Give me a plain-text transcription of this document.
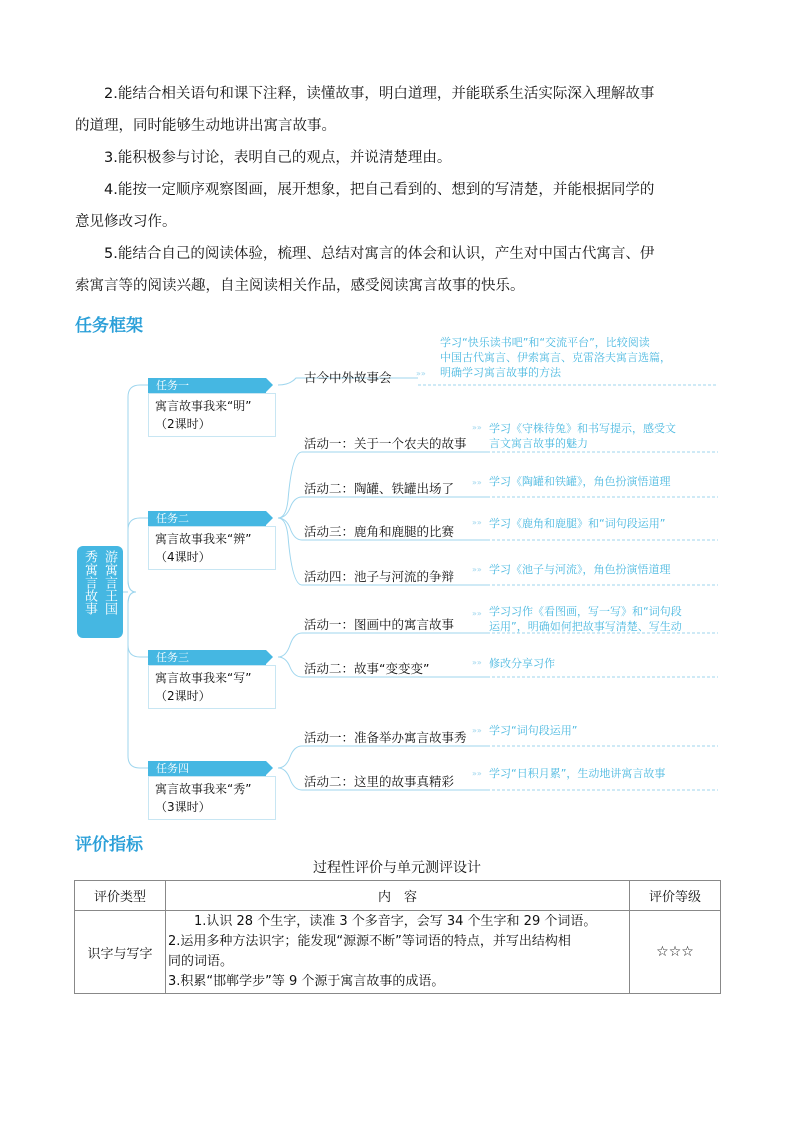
2.能结合相关语句和课下注释，读懂故事，明白道理，并能联系生活实际深入理解故事
的道理，同时能够生动地讲出寓言故事。
3.能积极参与讨论，表明自己的观点，并说清楚理由。
4.能按一定顺序观察图画，展开想象，把自己看到的、想到的写清楚，并能根据同学的
意见修改习作。
5.能结合自己的阅读体验，梳理、总结对寓言的体会和认识，产生对中国古代寓言、伊
索寓言等的阅读兴趣，自主阅读相关作品，感受阅读寓言故事的快乐。
任务框架
»»
»»
»»
»»
»»
»»
»»
»»
»»
游寓言王国
秀寓言故事
任务一
寓言故事我来“明”
（2课时）
古今中外故事会
学习“快乐读书吧”和“交流平台”，比较阅读
中国古代寓言、伊索寓言、克雷洛夫寓言选篇，
明确学习寓言故事的方法
任务二
寓言故事我来“辨”
（4课时）
活动一：关于一个农夫的故事
学习《守株待兔》和书写提示，感受文
言文寓言故事的魅力
活动二：陶罐、铁罐出场了	学习《陶罐和铁罐》，角色扮演悟道理
活动三：鹿角和鹿腿的比赛
学习《鹿角和鹿腿》和“词句段运用”
活动四：池子与河流的争辩	学习《池子与河流》，角色扮演悟道理
任务三
寓言故事我来“写”
（2课时）
活动一：图画中的寓言故事
学习习作《看图画，写一写》和“词句段
运用”，明确如何把故事写清楚、写生动
活动二：故事“变变变”	修改分享习作
任务四
寓言故事我来“秀”
（3课时）
活动一：准备举办寓言故事秀 学习“词句段运用”
活动二：这里的故事真精彩
学习“日积月累”，生动地讲寓言故事
评价指标
过程性评价与单元测评设计
评价类型	内　容	评价等级
识字与写字	1.认识 28 个生字，读准 3 个多音字，会写 34 个生字和 29 个词语。
2.运用多种方法识字；能发现“源源不断”等词语的特点，并写出结构相
同的词语。
3.积累“邯郸学步”等 9 个源于寓言故事的成语。	☆☆☆
